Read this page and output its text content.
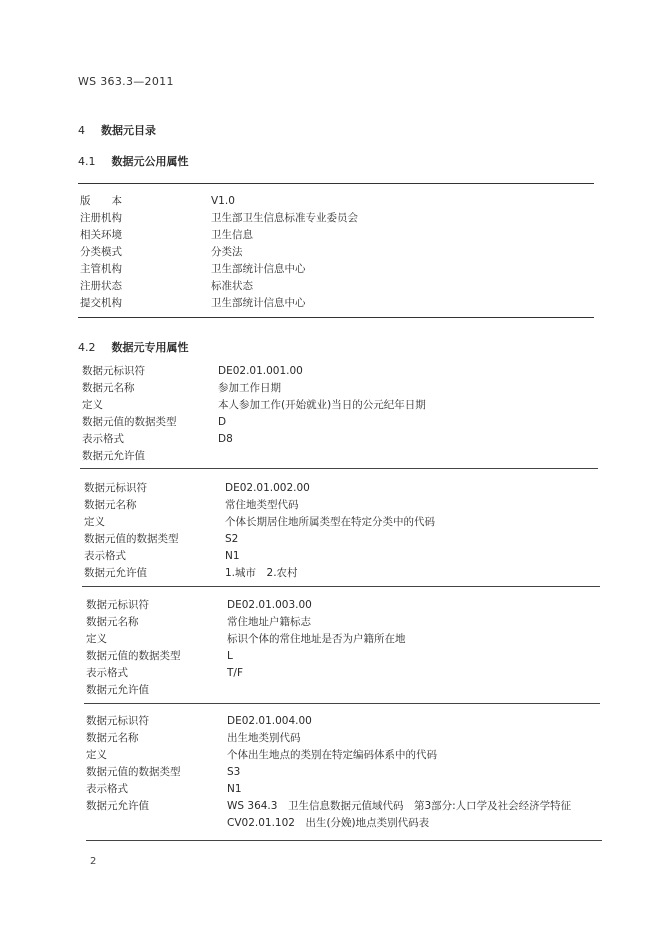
WS 363.3—2011
4 数据元目录
4.1 数据元公用属性
版　　本	V1.0
注册机构	卫生部卫生信息标准专业委员会
相关环境	卫生信息
分类模式	分类法
主管机构	卫生部统计信息中心
注册状态	标准状态
提交机构	卫生部统计信息中心
4.2 数据元专用属性
数据元标识符	DE02.01.001.00
数据元名称	参加工作日期
定义	本人参加工作(开始就业)当日的公元纪年日期
数据元值的数据类型	D
表示格式	D8
数据元允许值
数据元标识符	DE02.01.002.00
数据元名称	常住地类型代码
定义	个体长期居住地所属类型在特定分类中的代码
数据元值的数据类型	S2
表示格式	N1
数据元允许值	1.城市　2.农村
数据元标识符	DE02.01.003.00
数据元名称	常住地址户籍标志
定义	标识个体的常住地址是否为户籍所在地
数据元值的数据类型	L
表示格式	T/F
数据元允许值
数据元标识符	DE02.01.004.00
数据元名称	出生地类别代码
定义	个体出生地点的类别在特定编码体系中的代码
数据元值的数据类型	S3
表示格式	N1
数据元允许值	WS 364.3　卫生信息数据元值域代码　第3部分:人口学及社会经济学特征
CV02.01.102　出生(分娩)地点类别代码表
2
